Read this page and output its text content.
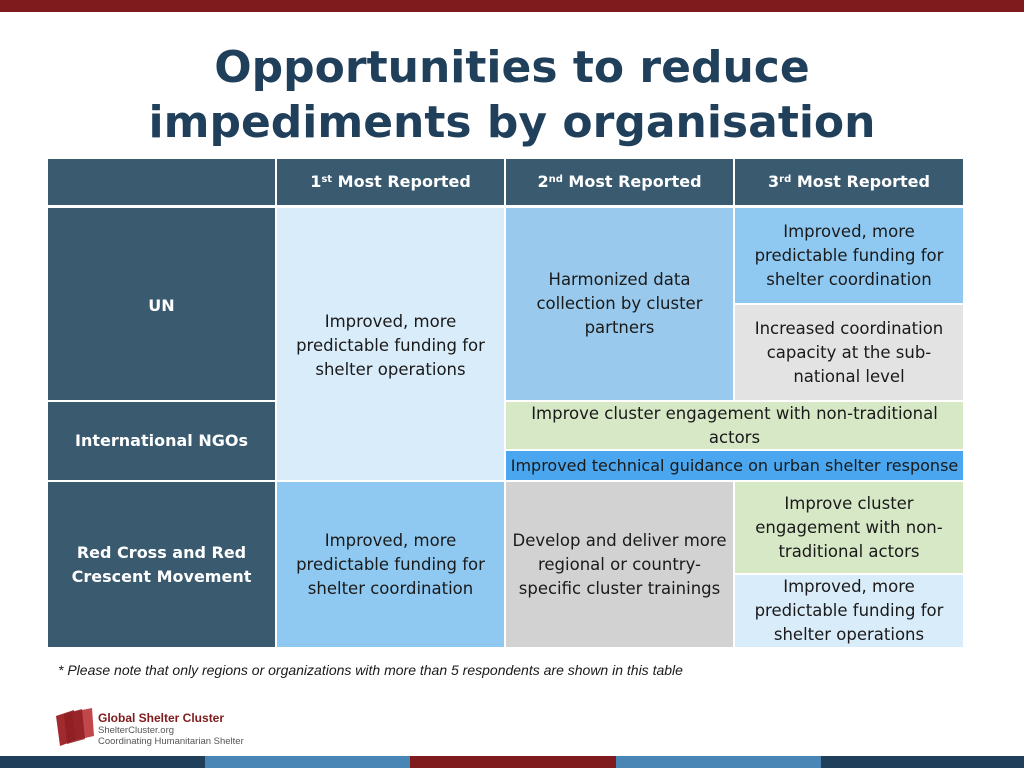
Opportunities to reduce
impediments by organisation
1st Most Reported	2nd Most Reported	3rd Most Reported
UN
International NGOs
Red Cross and Red Crescent Movement
Improved, more predictable funding for shelter operations
Harmonized data collection by cluster partners
Improved, more predictable funding for shelter coordination
Increased coordination capacity at the sub-national level
Improve cluster engagement with non-traditional actors
Improved technical guidance on urban shelter response
Improved, more predictable funding for shelter coordination
Develop and deliver more regional or country-specific cluster trainings
Improve cluster engagement with non-traditional actors
Improved, more predictable funding for shelter operations

* Please note that only regions or organizations with more than 5 respondents are shown in this table

Global Shelter Cluster
ShelterCluster.org
Coordinating Humanitarian Shelter
